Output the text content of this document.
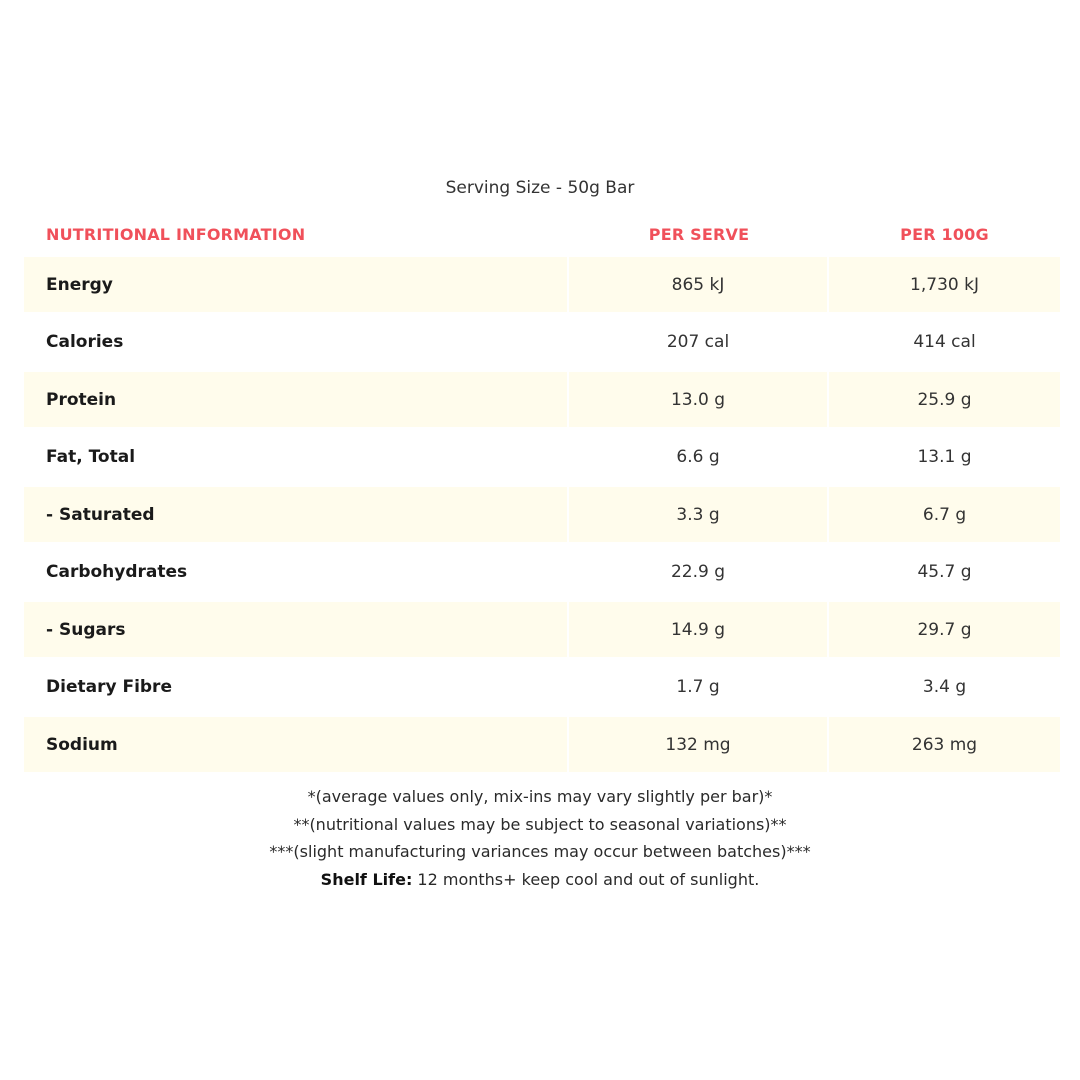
Serving Size - 50g Bar
NUTRITIONAL INFORMATION	PER SERVE	PER 100G
Energy	865 kJ	1,730 kJ
Calories	207 cal	414 cal
Protein	13.0 g	25.9 g
Fat, Total	6.6 g	13.1 g
- Saturated	3.3 g	6.7 g
Carbohydrates	22.9 g	45.7 g
- Sugars	14.9 g	29.7 g
Dietary Fibre	1.7 g	3.4 g
Sodium	132 mg	263 mg
*(average values only, mix-ins may vary slightly per bar)*
**(nutritional values may be subject to seasonal variations)**
***(slight manufacturing variances may occur between batches)***
Shelf Life: 12 months+ keep cool and out of sunlight.
